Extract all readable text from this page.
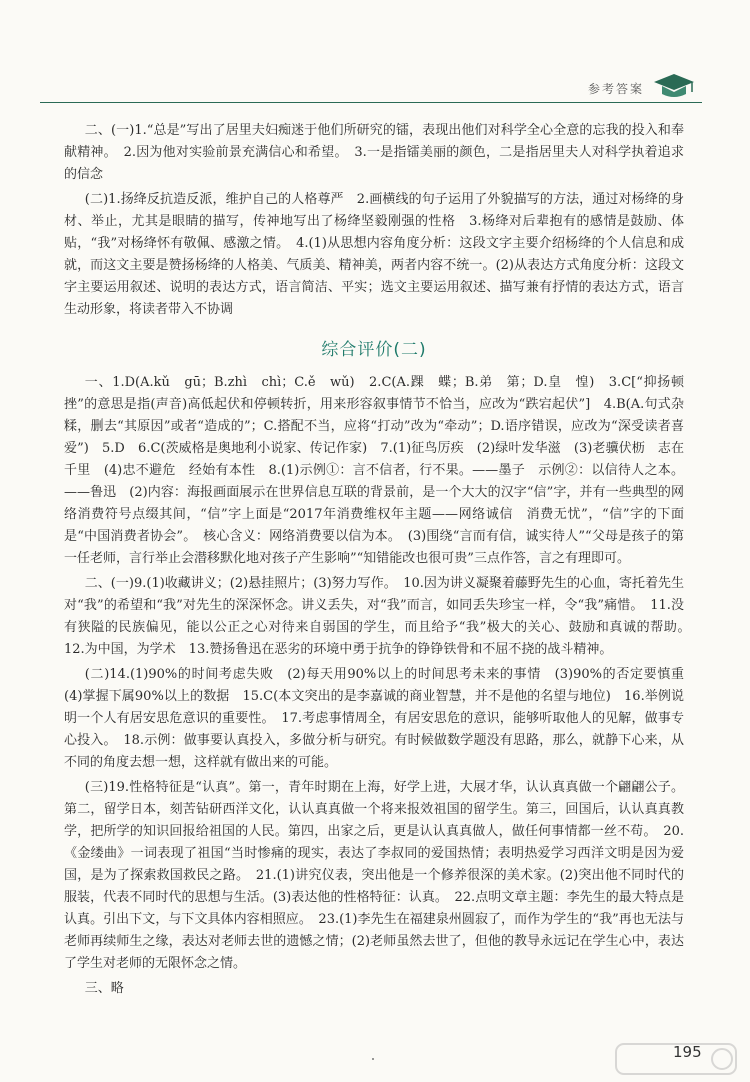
参考答案

二、(一)1.“总是”写出了居里夫妇痴迷于他们所研究的镭，表现出他们对科学全心全意的忘我的投入和奉献精神。　2.因为他对实验前景充满信心和希望。　3.一是指镭美丽的颜色，二是指居里夫人对科学执着追求的信念

(二)1.扬绛反抗造反派，维护自己的人格尊严　2.画横线的句子运用了外貌描写的方法，通过对杨绛的身材、举止，尤其是眼睛的描写，传神地写出了杨绛坚毅刚强的性格　3.杨绛对后辈抱有的感情是鼓励、体贴，“我”对杨绛怀有敬佩、感激之情。　4.(1)从思想内容角度分析：这段文字主要介绍杨绛的个人信息和成就，而这文主要是赞扬杨绛的人格美、气质美、精神美，两者内容不统一。(2)从表达方式角度分析：这段文字主要运用叙述、说明的表达方式，语言简洁、平实；选文主要运用叙述、描写兼有抒情的表达方式，语言生动形象，将读者带入不协调

综合评价(二)

一、1.D(A.kǔ　gū；B.zhì　chì；C.ě　wǔ)　2.C(A.踝　蝶；B.弟　第；D.皇　惶)　3.C[“抑扬顿挫”的意思是指(声音)高低起伏和停顿转折，用来形容叙事情节不恰当，应改为“跌宕起伏”]　4.B(A.句式杂糅，删去“其原因”或者“造成的”；C.搭配不当，应将“打动”改为“牵动”；D.语序错误，应改为“深受读者喜爱”)　5.D　6.C(茨威格是奥地利小说家、传记作家)　7.(1)征鸟厉疾　(2)绿叶发华滋　(3)老骥伏枥　志在千里　(4)忠不避危　经始有本性　8.(1)示例①：言不信者，行不果。——墨子　示例②：以信待人之本。——鲁迅　(2)内容：海报画面展示在世界信息互联的背景前，是一个大大的汉字“信”字，并有一些典型的网络消费符号点缀其间，“信”字上面是“2017年消费维权年主题——网络诚信　消费无忧”，“信”字的下面是“中国消费者协会”。　核心含义：网络消费要以信为本。　(3)围绕“言而有信，诚实待人”“父母是孩子的第一任老师，言行举止会潜移默化地对孩子产生影响”“知错能改也很可贵”三点作答，言之有理即可。

二、(一)9.(1)收藏讲义；(2)悬挂照片；(3)努力写作。　10.因为讲义凝聚着藤野先生的心血，寄托着先生对“我”的希望和“我”对先生的深深怀念。讲义丢失，对“我”而言，如同丢失珍宝一样，令“我”痛惜。　11.没有狭隘的民族偏见，能以公正之心对待来自弱国的学生，而且给予“我”极大的关心、鼓励和真诚的帮助。　12.为中国，为学术　13.赞扬鲁迅在恶劣的环境中勇于抗争的铮铮铁骨和不屈不挠的战斗精神。

(二)14.(1)90%的时间考虑失败　(2)每天用90%以上的时间思考未来的事情　(3)90%的否定要慎重　(4)掌握下属90%以上的数据　15.C(本文突出的是李嘉诚的商业智慧，并不是他的名望与地位)　16.举例说明一个人有居安思危意识的重要性。　17.考虑事情周全，有居安思危的意识，能够听取他人的见解，做事专心投入。　18.示例：做事要认真投入，多做分析与研究。有时候做数学题没有思路，那么，就静下心来，从不同的角度去想一想，这样就有做出来的可能。

(三)19.性格特征是“认真”。第一，青年时期在上海，好学上进，大展才华，认认真真做一个翩翩公子。第二，留学日本，刻苦钻研西洋文化，认认真真做一个将来报效祖国的留学生。第三，回国后，认认真真教学，把所学的知识回报给祖国的人民。第四，出家之后，更是认认真真做人，做任何事情都一丝不苟。　20.《金缕曲》一词表现了祖国“当时惨痛的现实，表达了李叔同的爱国热情；表明热爱学习西洋文明是因为爱国，是为了探索救国救民之路。　21.(1)讲究仪表，突出他是一个修养很深的美术家。(2)突出他不同时代的服装，代表不同时代的思想与生活。(3)表达他的性格特征：认真。　22.点明文章主题：李先生的最大特点是认真。引出下文，与下文具体内容相照应。　23.(1)李先生在福建泉州圆寂了，而作为学生的“我”再也无法与老师再续师生之缘，表达对老师去世的遗憾之情；(2)老师虽然去世了，但他的教导永远记在学生心中，表达了学生对老师的无限怀念之情。

三、略

195
